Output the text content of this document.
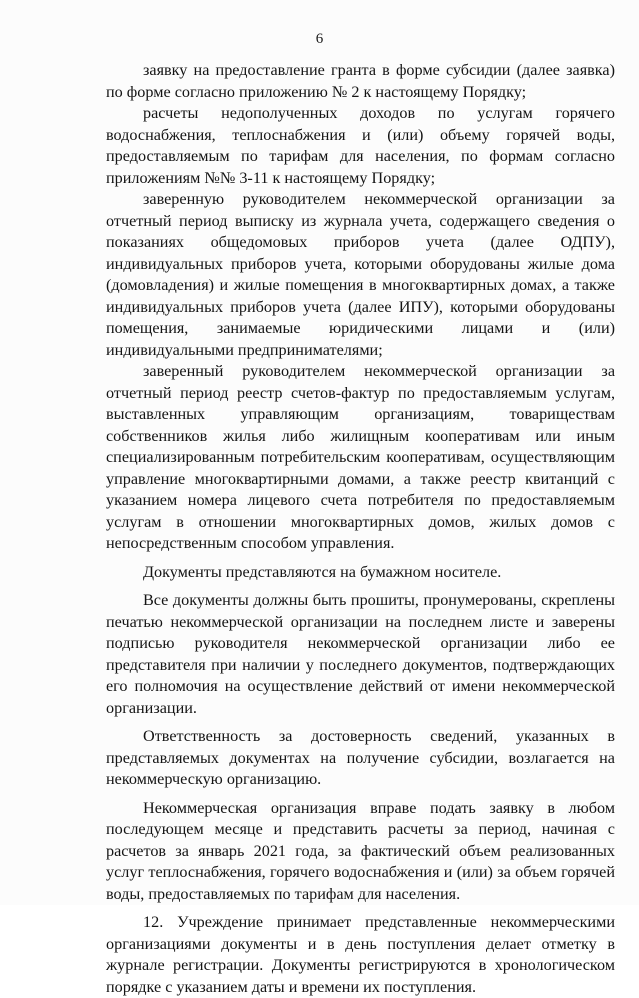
6

заявку на предоставление гранта в форме субсидии (далее заявка) по форме согласно приложению № 2 к настоящему Порядку;

расчеты недополученных доходов по услугам горячего водоснабжения, теплоснабжения и (или) объему горячей воды, предоставляемым по тарифам для населения, по формам согласно приложениям №№ 3-11 к настоящему Порядку;

заверенную руководителем некоммерческой организации за отчетный период выписку из журнала учета, содержащего сведения о показаниях общедомовых приборов учета (далее ОДПУ), индивидуальных приборов учета, которыми оборудованы жилые дома (домовладения) и жилые помещения в многоквартирных домах, а также индивидуальных приборов учета (далее ИПУ), которыми оборудованы помещения, занимаемые юридическими лицами и (или) индивидуальными предпринимателями;

заверенный руководителем некоммерческой организации за отчетный период реестр счетов-фактур по предоставляемым услугам, выставленных управляющим организациям, товариществам собственников жилья либо жилищным кооперативам или иным специализированным потребительским кооперативам, осуществляющим управление многоквартирными домами, а также реестр квитанций с указанием номера лицевого счета потребителя по предоставляемым услугам в отношении многоквартирных домов, жилых домов с непосредственным способом управления.

Документы представляются на бумажном носителе.

Все документы должны быть прошиты, пронумерованы, скреплены печатью некоммерческой организации на последнем листе и заверены подписью руководителя некоммерческой организации либо ее представителя при наличии у последнего документов, подтверждающих его полномочия на осуществление действий от имени некоммерческой организации.

Ответственность за достоверность сведений, указанных в представляемых документах на получение субсидии, возлагается на некоммерческую организацию.

Некоммерческая организация вправе подать заявку в любом последующем месяце и представить расчеты за период, начиная с расчетов за январь 2021 года, за фактический объем реализованных услуг теплоснабжения, горячего водоснабжения и (или) за объем горячей воды, предоставляемых по тарифам для населения.

12. Учреждение принимает представленные некоммерческими организациями документы и в день поступления делает отметку в журнале регистрации. Документы регистрируются в хронологическом порядке с указанием даты и времени их поступления.
